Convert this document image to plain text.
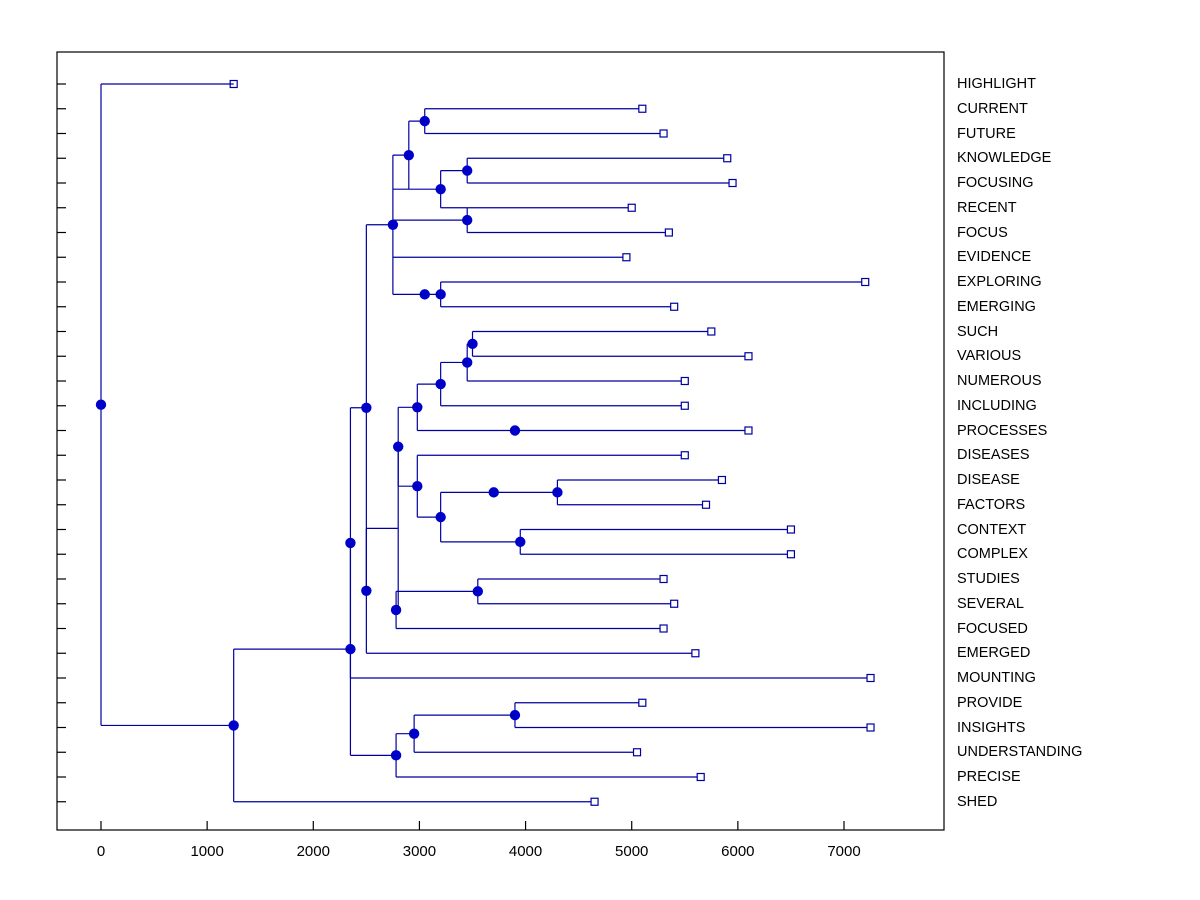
0	1000	2000	3000	4000	5000	6000	7000
HIGHLIGHT
CURRENT
FUTURE
KNOWLEDGE
FOCUSING
RECENT
FOCUS
EVIDENCE
EXPLORING
EMERGING
SUCH
VARIOUS
NUMEROUS
INCLUDING
PROCESSES
DISEASES
DISEASE
FACTORS
CONTEXT
COMPLEX
STUDIES
SEVERAL
FOCUSED
EMERGED
MOUNTING
PROVIDE
INSIGHTS
UNDERSTANDING
PRECISE
SHED
